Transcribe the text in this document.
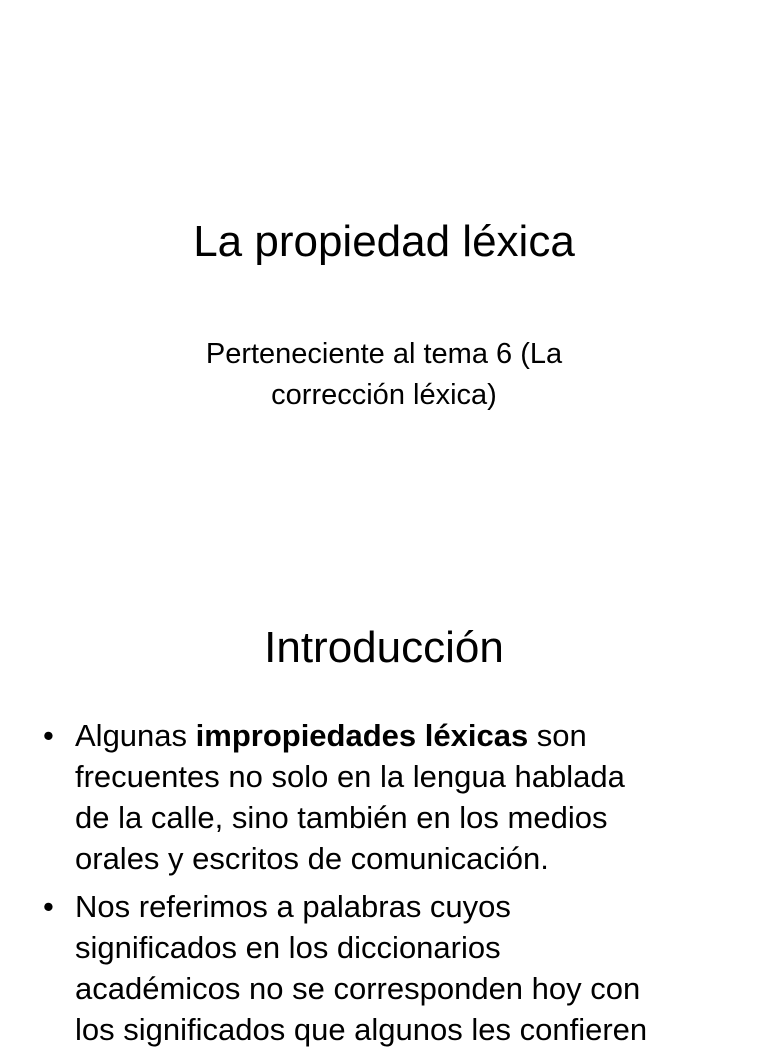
La propiedad léxica
Perteneciente al tema 6 (La
corrección léxica)
Introducción
• Algunas impropiedades léxicas son
frecuentes no solo en la lengua hablada
de la calle, sino también en los medios
orales y escritos de comunicación.
• Nos referimos a palabras cuyos
significados en los diccionarios
académicos no se corresponden hoy con
los significados que algunos les confieren
